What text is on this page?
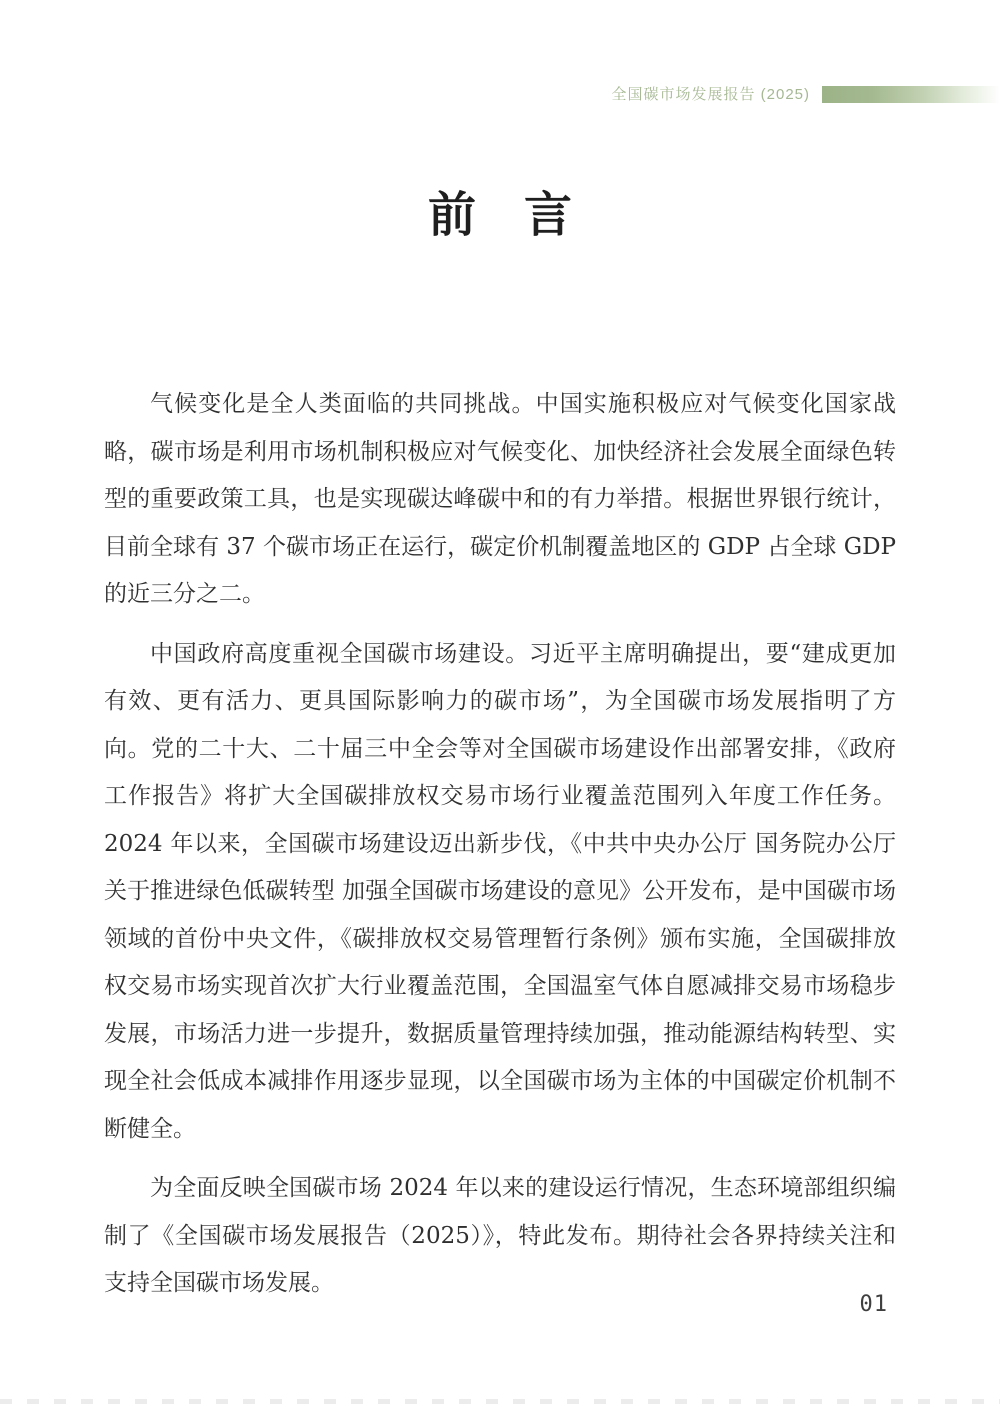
全国碳市场发展报告 (2025)
前　言

气候变化是全人类面临的共同挑战。中国实施积极应对气候变化国家战略，碳市场是利用市场机制积极应对气候变化、加快经济社会发展全面绿色转型的重要政策工具，也是实现碳达峰碳中和的有力举措。根据世界银行统计，目前全球有 37 个碳市场正在运行，碳定价机制覆盖地区的 GDP 占全球 GDP 的近三分之二。

中国政府高度重视全国碳市场建设。习近平主席明确提出，要“建成更加有效、更有活力、更具国际影响力的碳市场”，为全国碳市场发展指明了方向。党的二十大、二十届三中全会等对全国碳市场建设作出部署安排，《政府工作报告》将扩大全国碳排放权交易市场行业覆盖范围列入年度工作任务。2024 年以来，全国碳市场建设迈出新步伐，《中共中央办公厅 国务院办公厅关于推进绿色低碳转型 加强全国碳市场建设的意见》公开发布，是中国碳市场领域的首份中央文件，《碳排放权交易管理暂行条例》颁布实施，全国碳排放权交易市场实现首次扩大行业覆盖范围，全国温室气体自愿减排交易市场稳步发展，市场活力进一步提升，数据质量管理持续加强，推动能源结构转型、实现全社会低成本减排作用逐步显现，以全国碳市场为主体的中国碳定价机制不断健全。

为全面反映全国碳市场 2024 年以来的建设运行情况，生态环境部组织编制了《全国碳市场发展报告（2025）》，特此发布。期待社会各界持续关注和支持全国碳市场发展。

01
